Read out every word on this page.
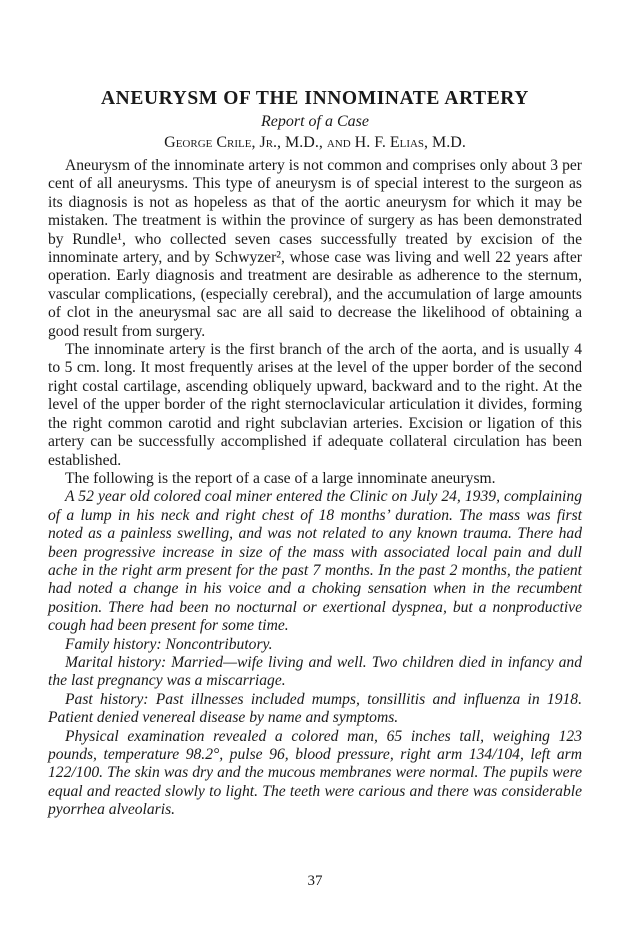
ANEURYSM OF THE INNOMINATE ARTERY
Report of a Case
George Crile, Jr., M.D., and H. F. Elias, M.D.

Aneurysm of the innominate artery is not common and comprises only about 3 per cent of all aneurysms. This type of aneurysm is of special interest to the surgeon as its diagnosis is not as hopeless as that of the aortic aneurysm for which it may be mistaken. The treatment is within the province of surgery as has been demonstrated by Rundle¹, who collected seven cases successfully treated by excision of the innominate artery, and by Schwyzer², whose case was living and well 22 years after operation. Early diagnosis and treatment are desirable as adherence to the sternum, vascular complications, (especially cerebral), and the accumulation of large amounts of clot in the aneurysmal sac are all said to decrease the likelihood of obtaining a good result from surgery.

The innominate artery is the first branch of the arch of the aorta, and is usually 4 to 5 cm. long. It most frequently arises at the level of the upper border of the second right costal cartilage, ascending obliquely upward, backward and to the right. At the level of the upper border of the right sternoclavicular articulation it divides, forming the right common carotid and right subclavian arteries. Excision or ligation of this artery can be successfully accomplished if adequate collateral circulation has been established.

The following is the report of a case of a large innominate aneurysm.

A 52 year old colored coal miner entered the Clinic on July 24, 1939, complaining of a lump in his neck and right chest of 18 months’ duration. The mass was first noted as a painless swelling, and was not related to any known trauma. There had been progressive increase in size of the mass with associated local pain and dull ache in the right arm present for the past 7 months. In the past 2 months, the patient had noted a change in his voice and a choking sensation when in the recumbent position. There had been no nocturnal or exertional dyspnea, but a nonproductive cough had been present for some time.

Family history: Noncontributory.

Marital history: Married—wife living and well. Two children died in infancy and the last pregnancy was a miscarriage.

Past history: Past illnesses included mumps, tonsillitis and influenza in 1918. Patient denied venereal disease by name and symptoms.

Physical examination revealed a colored man, 65 inches tall, weighing 123 pounds, temperature 98.2°, pulse 96, blood pressure, right arm 134/104, left arm 122/100. The skin was dry and the mucous membranes were normal. The pupils were equal and reacted slowly to light. The teeth were carious and there was considerable pyorrhea alveolaris.

37
